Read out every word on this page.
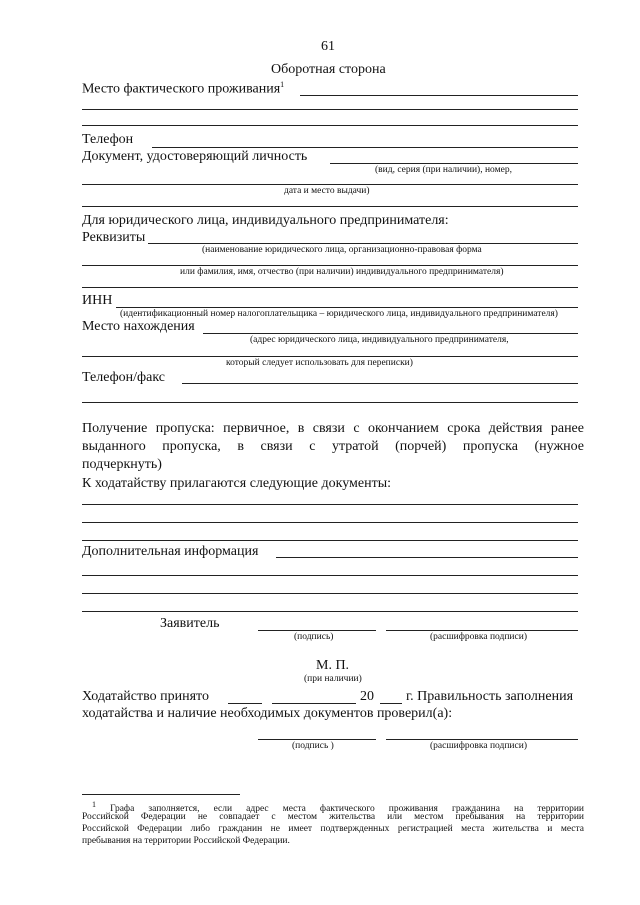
61
Оборотная сторона
Место фактического проживания$^1$
Телефон
Документ, удостоверяющий личность
(вид, серия (при наличии), номер,
дата и место выдачи)
Для юридического лица, индивидуального предпринимателя:
Реквизиты
(наименование юридического лица, организационно-правовая форма
или фамилия, имя, отчество (при наличии) индивидуального предпринимателя)
ИНН
(идентификационный номер налогоплательщика – юридического лица, индивидуального предпринимателя)
Место нахождения
(адрес юридического лица, индивидуального предпринимателя,
который следует использовать для переписки)
Телефон/факс
Получение пропуска: первичное, в связи с окончанием срока действия ранее
выданного пропуска, в связи с утратой (порчей) пропуска (нужное
подчеркнуть)
К ходатайству прилагаются следующие документы:
Дополнительная информация
Заявитель
(подпись)	(расшифровка подписи)
М. П.
(при наличии)
Ходатайство принято	20 г. Правильность заполнения
ходатайства и наличие необходимых документов проверил(а):
(подпись )	(расшифровка подписи)
$^1$ Графа заполняется, если адрес места фактического проживания гражданина на территории
Российской Федерации не совпадает с местом жительства или местом пребывания на территории
Российской Федерации либо гражданин не имеет подтвержденных регистрацией места жительства и места
пребывания на территории Российской Федерации.
